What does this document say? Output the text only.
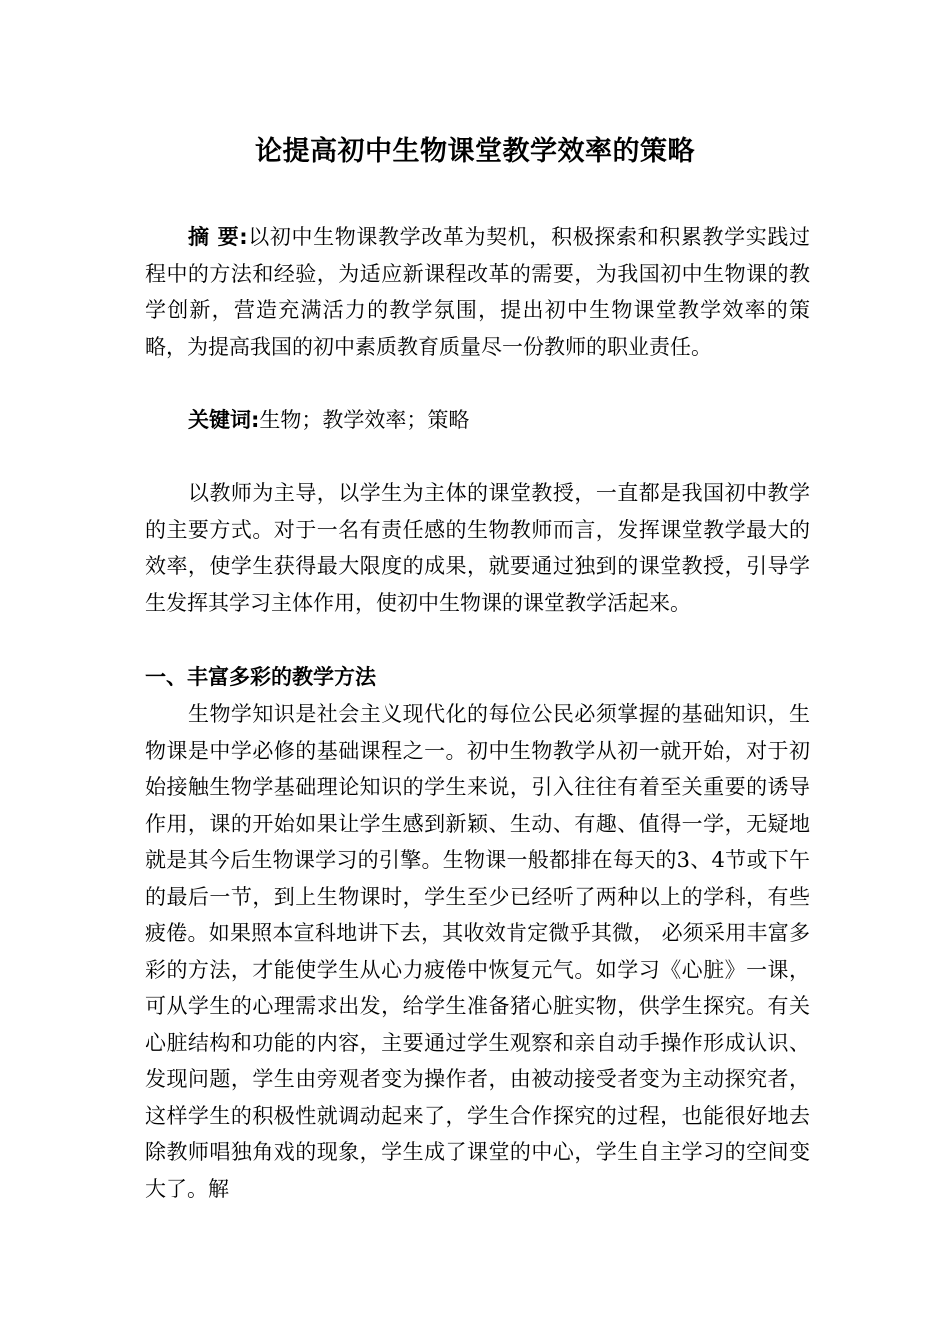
论提高初中生物课堂教学效率的策略
摘 要:以初中生物课教学改革为契机，积极探索和积累教学实践过程中的方法和经验，为适应新课程改革的需要，为我国初中生物课的教学创新，营造充满活力的教学氛围，提出初中生物课堂教学效率的策略，为提高我国的初中素质教育质量尽一份教师的职业责任。
关键词:生物；教学效率；策略
以教师为主导，以学生为主体的课堂教授，一直都是我国初中教学的主要方式。对于一名有责任感的生物教师而言，发挥课堂教学最大的效率，使学生获得最大限度的成果，就要通过独到的课堂教授，引导学生发挥其学习主体作用，使初中生物课的课堂教学活起来。
一、丰富多彩的教学方法
生物学知识是社会主义现代化的每位公民必须掌握的基础知识，生物课是中学必修的基础课程之一。初中生物教学从初一就开始，对于初始接触生物学基础理论知识的学生来说，引入往往有着至关重要的诱导作用，课的开始如果让学生感到新颖、生动、有趣、值得一学，无疑地就是其今后生物课学习的引擎。生物课一般都排在每天的3、4节或下午的最后一节，到上生物课时，学生至少已经听了两种以上的学科，有些疲倦。如果照本宣科地讲下去，其收效肯定微乎其微， 必须采用丰富多彩的方法，才能使学生从心力疲倦中恢复元气。如学习《心脏》一课，可从学生的心理需求出发，给学生准备猪心脏实物，供学生探究。有关心脏结构和功能的内容，主要通过学生观察和亲自动手操作形成认识、发现问题，学生由旁观者变为操作者，由被动接受者变为主动探究者，这样学生的积极性就调动起来了，学生合作探究的过程，也能很好地去除教师唱独角戏的现象，学生成了课堂的中心，学生自主学习的空间变大了。解
